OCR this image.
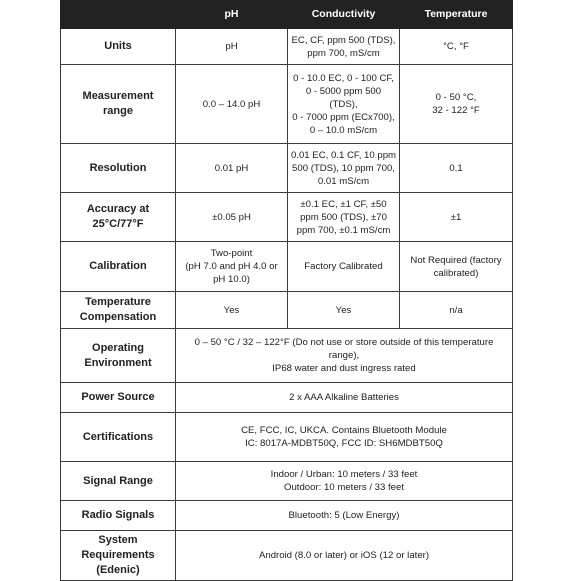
	pH	Conductivity	Temperature

Units	pH	EC, CF, ppm 500 (TDS),
ppm 700, mS/cm	°C, °F

Measurement
range	0.0 – 14.0 pH	0 - 10.0 EC, 0 - 100 CF,
0 - 5000 ppm 500
(TDS),
0 - 7000 ppm (ECx700),
0 – 10.0 mS/cm	0 - 50 °C,
32 - 122 °F

Resolution	0.01 pH	0.01 EC, 0.1 CF, 10 ppm
500 (TDS), 10 ppm 700,
0.01 mS/cm	0.1

Accuracy at
25°C/77°F	±0.05 pH	±0.1 EC, ±1 CF, ±50
ppm 500 (TDS), ±70
ppm 700, ±0.1 mS/cm	±1

Calibration	Two-point
(pH 7.0 and pH 4.0 or
pH 10.0)	Factory Calibrated	Not Required (factory
calibrated)

Temperature
Compensation	Yes	Yes	n/a

Operating
Environment	0 – 50 °C / 32 – 122°F (Do not use or store outside of this temperature
range),
IP68 water and dust ingress rated		

Power Source	2 x AAA Alkaline Batteries		

Certifications	CE, FCC, IC, UKCA. Contains Bluetooth Module
IC: 8017A-MDBT50Q, FCC ID: SH6MDBT50Q		

Signal Range	Indoor / Urban: 10 meters / 33 feet
Outdoor: 10 meters / 33 feet		

Radio Signals	Bluetooth: 5 (Low Energy)		

System
Requirements
(Edenic)	Android (8.0 or later) or iOS (12 or later)		
